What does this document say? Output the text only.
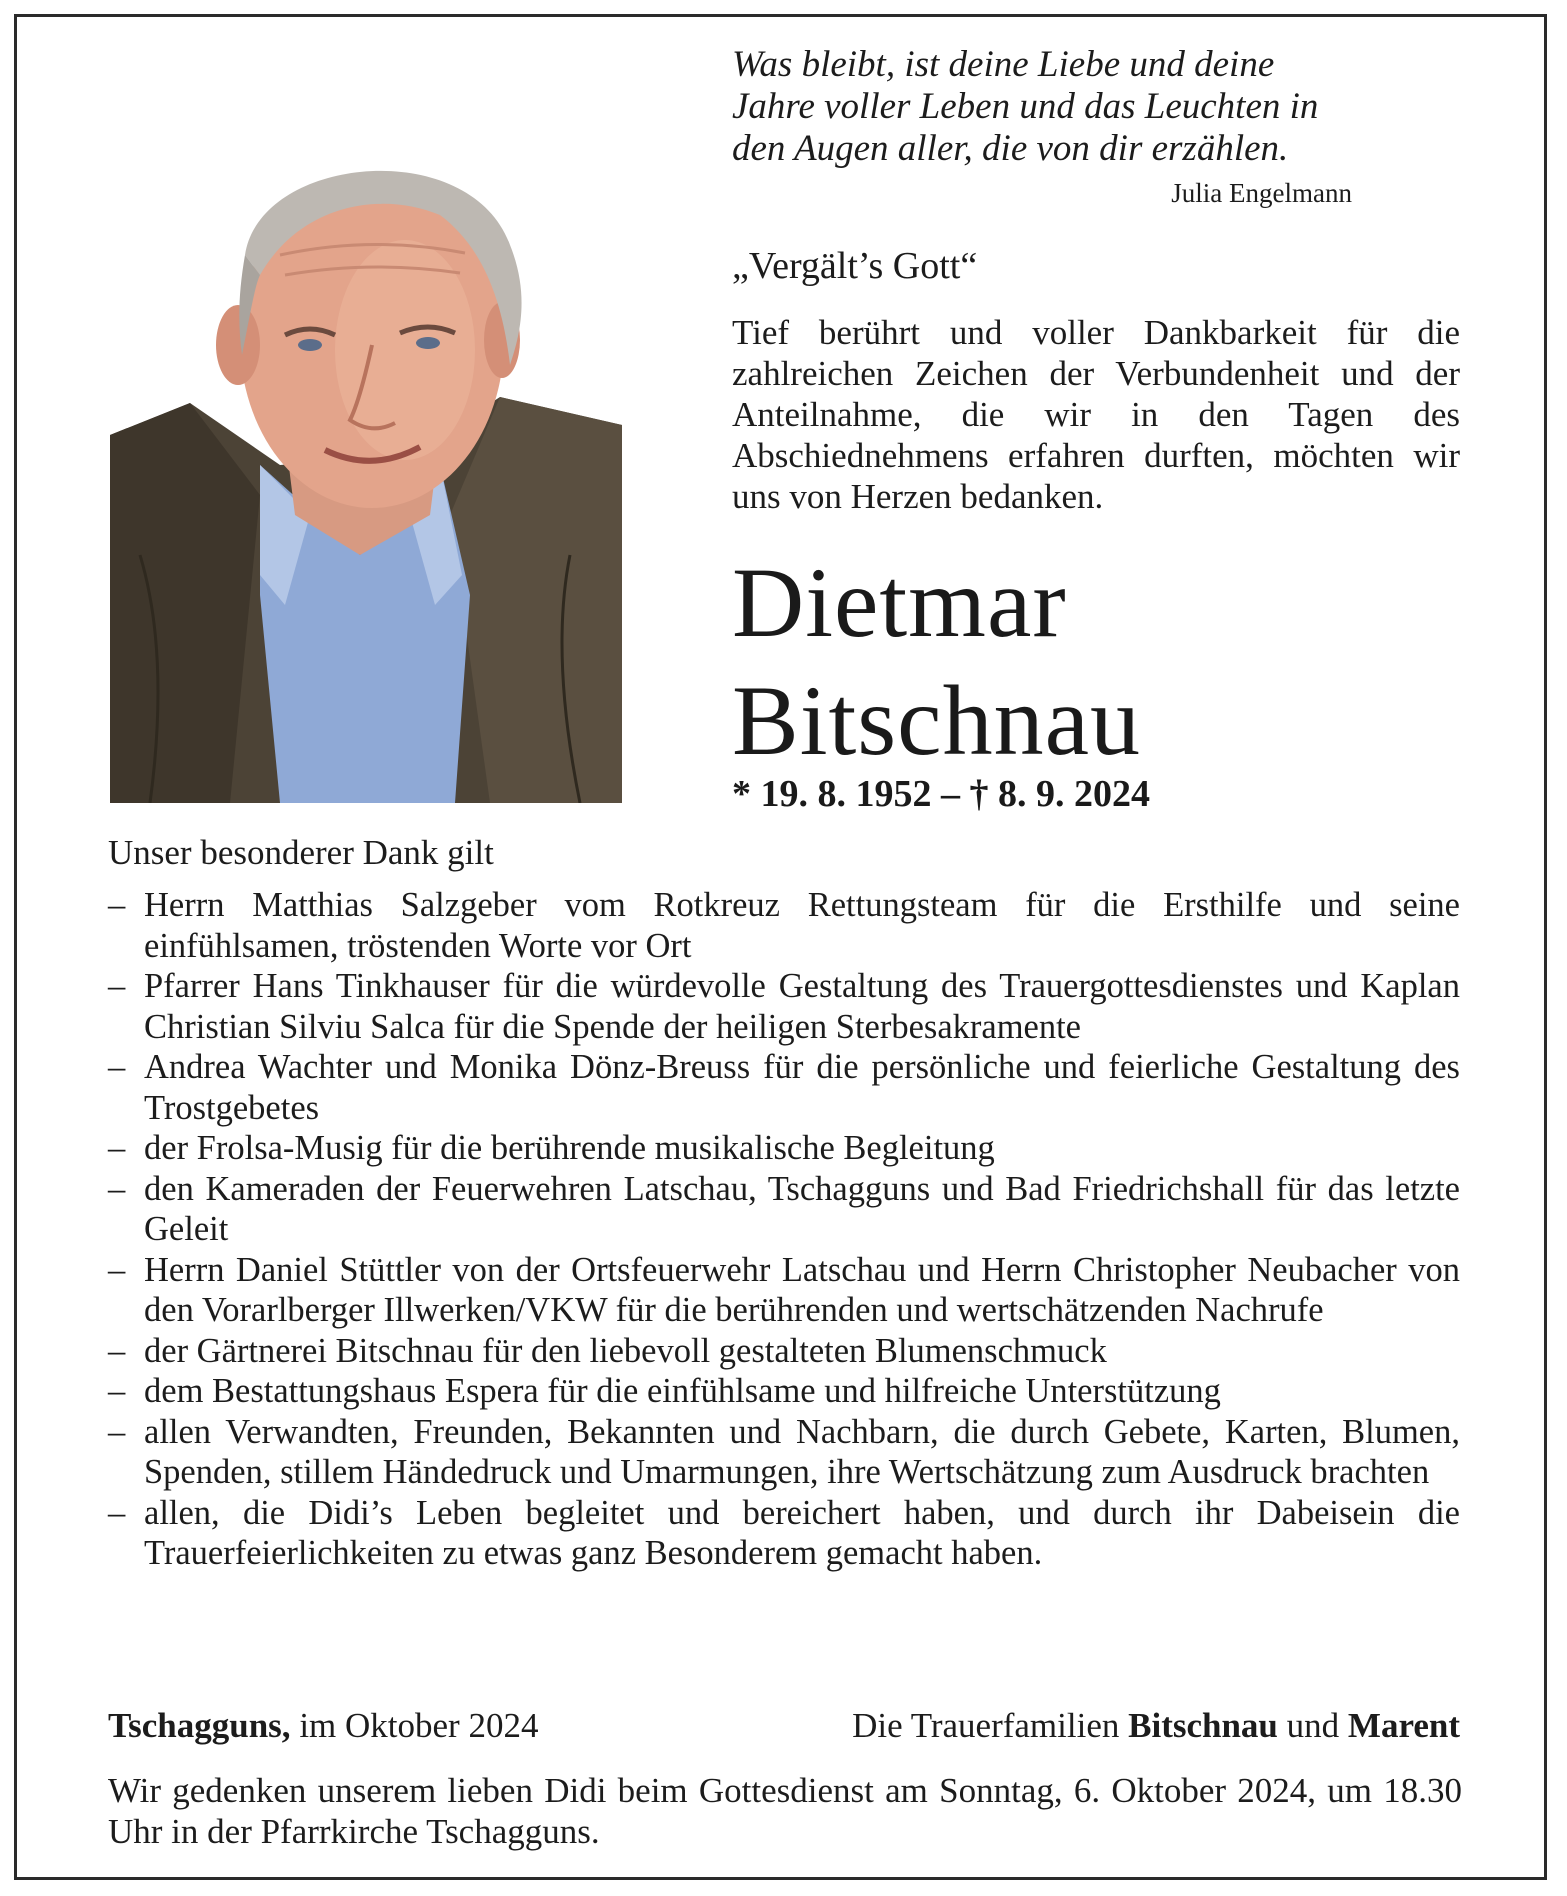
Was bleibt, ist deine Liebe und deine
Jahre voller Leben und das Leuchten in
den Augen aller, die von dir erzählen.
Julia Engelmann
„Vergält’s Gott“
Tief berührt und voller Dankbarkeit für die zahlreichen Zeichen der Verbundenheit und der Anteilnahme, die wir in den Tagen des Abschiednehmens erfahren durften, möchten wir uns von Herzen bedanken.
Dietmar
Bitschnau
* 19. 8. 1952 – † 8. 9. 2024
Unser besonderer Dank gilt
– Herrn Matthias Salzgeber vom Rotkreuz Rettungsteam für die Ersthilfe und seine einfühlsamen, tröstenden Worte vor Ort
– Pfarrer Hans Tinkhauser für die würdevolle Gestaltung des Trauergottesdienstes und Kaplan Christian Silviu Salca für die Spende der heiligen Sterbesakramente
– Andrea Wachter und Monika Dönz-Breuss für die persönliche und feierliche Gestaltung des Trostgebetes
– der Frolsa-Musig für die berührende musikalische Begleitung
– den Kameraden der Feuerwehren Latschau, Tschagguns und Bad Friedrichshall für das letzte Geleit
– Herrn Daniel Stüttler von der Ortsfeuerwehr Latschau und Herrn Christopher Neubacher von den Vorarlberger Illwerken/VKW für die berührenden und wertschätzenden Nachrufe
– der Gärtnerei Bitschnau für den liebevoll gestalteten Blumenschmuck
– dem Bestattungshaus Espera für die einfühlsame und hilfreiche Unterstützung
– allen Verwandten, Freunden, Bekannten und Nachbarn, die durch Gebete, Karten, Blumen, Spenden, stillem Händedruck und Umarmungen, ihre Wertschätzung zum Ausdruck brachten
– allen, die Didi’s Leben begleitet und bereichert haben, und durch ihr Dabeisein die Trauerfeierlichkeiten zu etwas ganz Besonderem gemacht haben.
Tschagguns, im Oktober 2024	Die Trauerfamilien Bitschnau und Marent
Wir gedenken unserem lieben Didi beim Gottesdienst am Sonntag, 6. Oktober 2024, um 18.30 Uhr in der Pfarrkirche Tschagguns.
